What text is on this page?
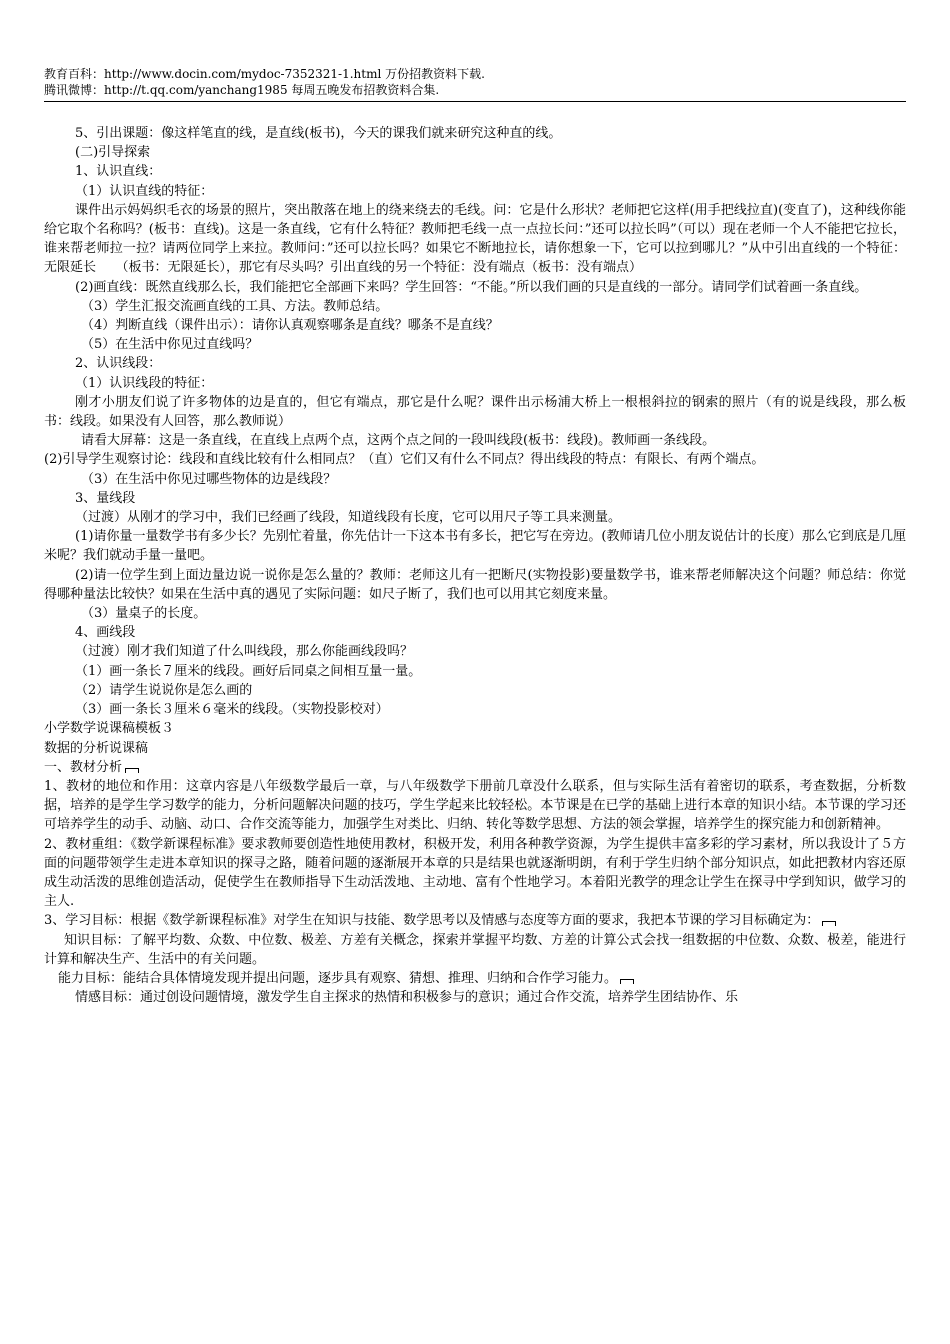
教育百科：http://www.docin.com/mydoc-7352321-1.html 万份招教资料下载.
腾讯微博：http://t.qq.com/yanchang1985 每周五晚发布招教资料合集.

5、引出课题：像这样笔直的线，是直线(板书)，今天的课我们就来研究这种直的线。

(二)引导探索

1、认识直线：

（1）认识直线的特征：

课件出示妈妈织毛衣的场景的照片，突出散落在地上的绕来绕去的毛线。问：它是什么形状？老师把它这样(用手把线拉直)(变直了)，这种线你能给它取个名称吗？(板书：直线)。这是一条直线，它有什么特征？教师把毛线一点一点拉长问：”还可以拉长吗”（可以）现在老师一个人不能把它拉长，谁来帮老师拉一拉？请两位同学上来拉。教师问：”还可以拉长吗？如果它不断地拉长，请你想象一下，它可以拉到哪儿？”从中引出直线的一个特征：无限延长　　（板书：无限延长），那它有尽头吗？引出直线的另一个特征：没有端点（板书：没有端点）

(2)画直线：既然直线那么长，我们能把它全部画下来吗？学生回答：“不能。”所以我们画的只是直线的一部分。请同学们试着画一条直线。

（3）学生汇报交流画直线的工具、方法。教师总结。

（4）判断直线（课件出示）：请你认真观察哪条是直线？哪条不是直线？

（5）在生活中你见过直线吗？

2、认识线段：

（1）认识线段的特征：

刚才小朋友们说了许多物体的边是直的，但它有端点，那它是什么呢？课件出示杨浦大桥上一根根斜拉的钢索的照片（有的说是线段，那么板书：线段。如果没有人回答，那么教师说）

请看大屏幕：这是一条直线，在直线上点两个点，这两个点之间的一段叫线段(板书：线段)。教师画一条线段。

(2)引导学生观察讨论：线段和直线比较有什么相同点？（直）它们又有什么不同点？得出线段的特点：有限长、有两个端点。

（3）在生活中你见过哪些物体的边是线段？

3、量线段

（过渡）从刚才的学习中，我们已经画了线段，知道线段有长度，它可以用尺子等工具来测量。

(1)请你量一量数学书有多少长？先别忙着量，你先估计一下这本书有多长，把它写在旁边。(教师请几位小朋友说估计的长度）那么它到底是几厘米呢？我们就动手量一量吧。

(2)请一位学生到上面边量边说一说你是怎么量的？教师：老师这儿有一把断尺(实物投影)要量数学书，谁来帮老师解决这个问题？师总结：你觉得哪种量法比较快？如果在生活中真的遇见了实际问题：如尺子断了，我们也可以用其它刻度来量。

（3）量桌子的长度。

4、画线段

（过渡）刚才我们知道了什么叫线段，那么你能画线段吗？

（1）画一条长７厘米的线段。画好后同桌之间相互量一量。

（2）请学生说说你是怎么画的

（3）画一条长３厘米６毫米的线段。（实物投影校对）

小学数学说课稿模板３

数据的分析说课稿

一、教材分析

1、教材的地位和作用：这章内容是八年级数学最后一章，与八年级数学下册前几章没什么联系，但与实际生活有着密切的联系，考查数据，分析数据，培养的是学生学习数学的能力，分析问题解决问题的技巧，学生学起来比较轻松。本节课是在已学的基础上进行本章的知识小结。本节课的学习还可培养学生的动手、动脑、动口、合作交流等能力，加强学生对类比、归纳、转化等数学思想、方法的领会掌握，培养学生的探究能力和创新精神。

2、教材重组：《数学新课程标准》要求教师要创造性地使用教材，积极开发，利用各种教学资源，为学生提供丰富多彩的学习素材，所以我设计了５方面的问题带领学生走进本章知识的探寻之路，随着问题的逐渐展开本章的只是结果也就逐渐明朗，有利于学生归纳个部分知识点，如此把教材内容还原成生动活泼的思维创造活动，促使学生在教师指导下生动活泼地、主动地、富有个性地学习。本着阳光教学的理念让学生在探寻中学到知识，做学习的主人.

3、学习目标：根据《数学新课程标准》对学生在知识与技能、数学思考以及情感与态度等方面的要求，我把本节课的学习目标确定为：

知识目标：了解平均数、众数、中位数、极差、方差有关概念，探索并掌握平均数、方差的计算公式会找一组数据的中位数、众数、极差，能进行计算和解决生产、生活中的有关问题。

能力目标：能结合具体情境发现并提出问题，逐步具有观察、猜想、推理、归纳和合作学习能力。

情感目标：通过创设问题情境，激发学生自主探求的热情和积极参与的意识；通过合作交流，培养学生团结协作、乐
